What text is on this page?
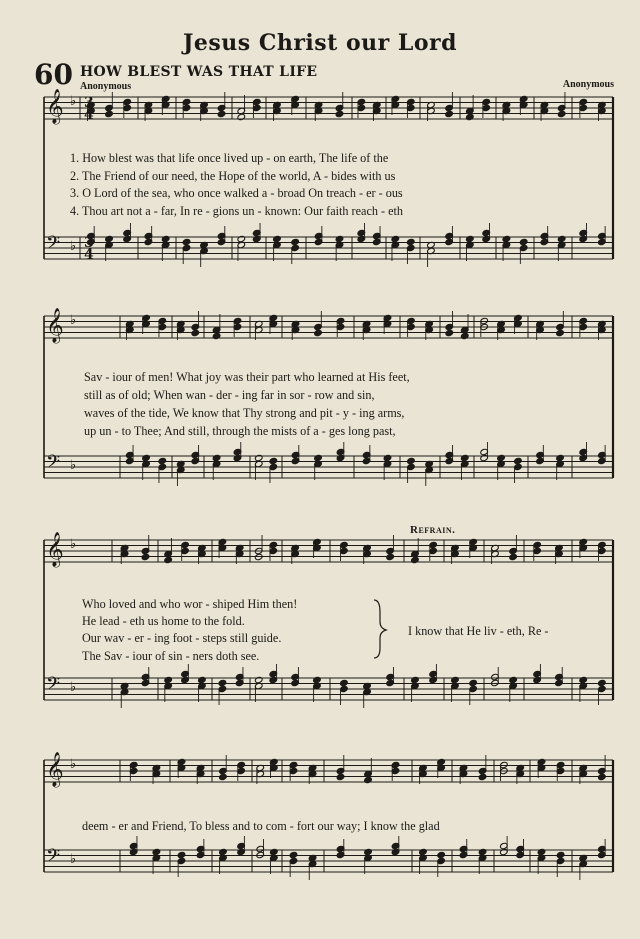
Jesus Christ our Lord
60 HOW BLEST WAS THAT LIFE
Anonymous	Anonymous
Refrain.
𝄞 ♭
𝄢 ♭
𝄞 ♭
𝄢 ♭
𝄞 ♭
𝄢 ♭
𝄞 ♭
𝄢 ♭
3
4
3
4
1. How blest was that life once lived up - on earth, The life of the
2. The Friend of our need, the Hope of the world, A - bides with us
3. O Lord of the sea, who once walked a - broad On treach - er - ous
4. Thou art not a - far, In re - gions un - known: Our faith reach - eth
Sav - iour of men! What joy was their part who learned at His feet,
still as of old; When wan - der - ing far in sor - row and sin,
waves of the tide, We know that Thy strong and pit - y - ing arms,
up un - to Thee; And still, through the mists of a - ges long past,
Who loved and who wor - shiped Him then!
He lead - eth us home to the fold.
Our wav - er - ing foot - steps still guide.
The Sav - iour of sin - ners doth see.
I know that He liv - eth, Re -
deem - er and Friend, To bless and to com - fort our way; I know the glad
